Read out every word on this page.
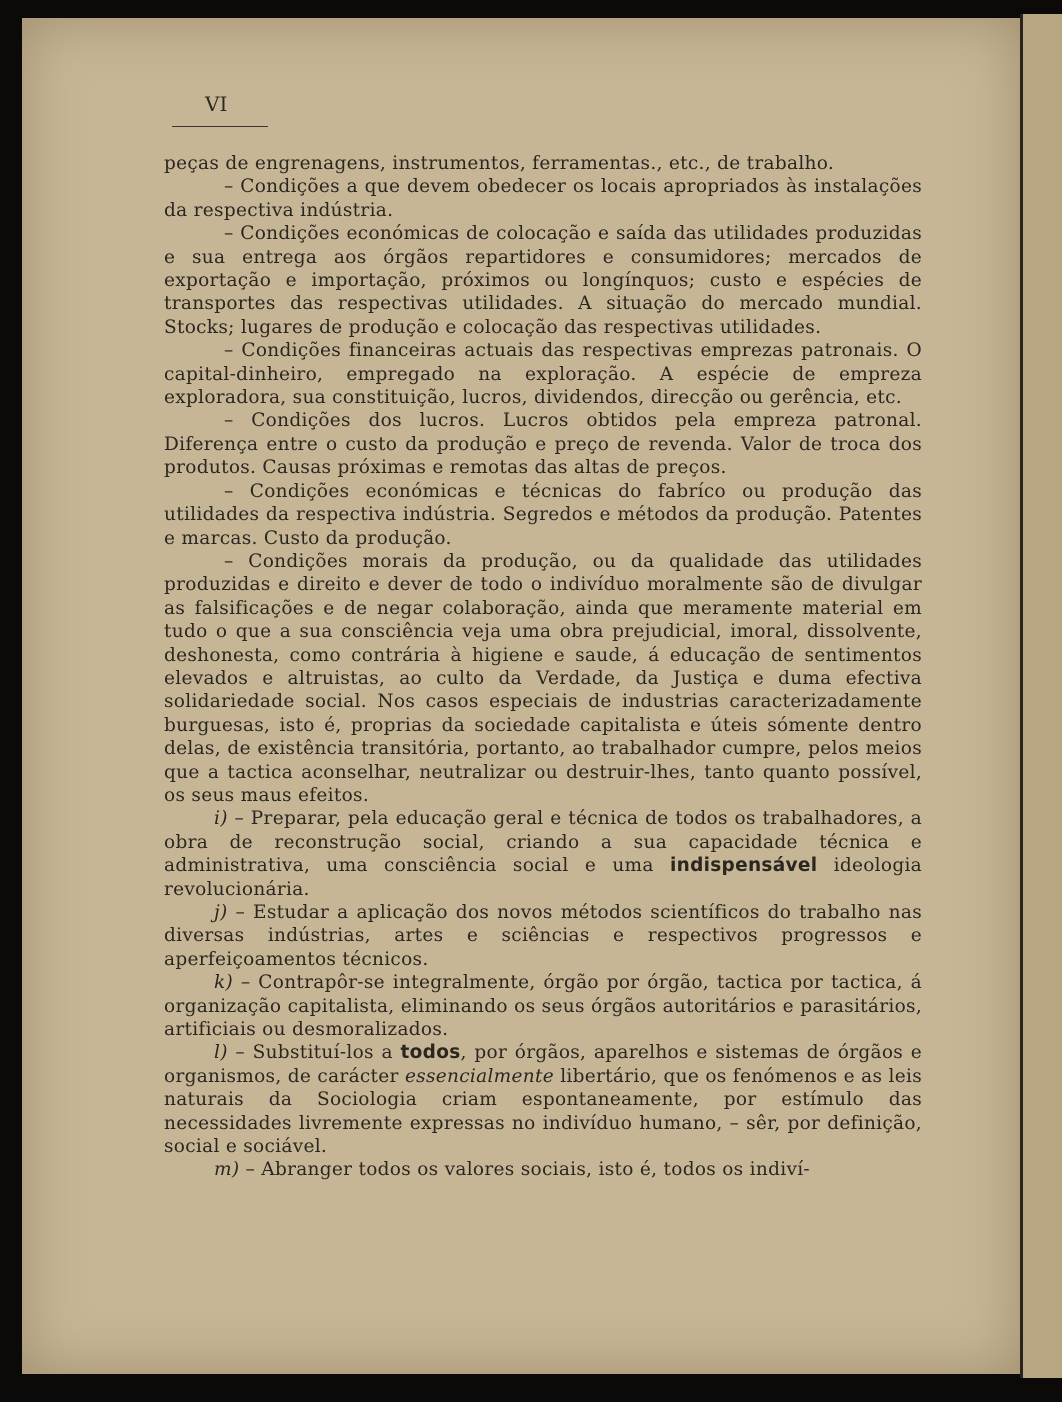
VI

peças de engrenagens, instrumentos, ferramentas., etc., de trabalho.

– Condições a que devem obedecer os locais apropriados às instalações da respectiva indústria.

– Condições económicas de colocação e saída das utilidades produzidas e sua entrega aos órgãos repartidores e consumidores; mercados de exportação e importação, próximos ou longínquos; custo e espécies de transportes das respectivas utilidades. A situação do mercado mundial. Stocks; lugares de produção e colocação das respectivas utilidades.

– Condições financeiras actuais das respectivas emprezas patronais. O capital-dinheiro, empregado na exploração. A espécie de empreza exploradora, sua constituição, lucros, dividendos, direcção ou gerência, etc.

– Condições dos lucros. Lucros obtidos pela empreza patronal. Diferença entre o custo da produção e preço de revenda. Valor de troca dos produtos. Causas próximas e remotas das altas de preços.

– Condições económicas e técnicas do fabríco ou produção das utilidades da respectiva indústria. Segredos e métodos da produção. Patentes e marcas. Custo da produção.

– Condições morais da produção, ou da qualidade das utilidades produzidas e direito e dever de todo o indivíduo moralmente são de divulgar as falsificações e de negar colaboração, ainda que meramente material em tudo o que a sua consciência veja uma obra prejudicial, imoral, dissolvente, deshonesta, como contrária à higiene e saude, á educação de sentimentos elevados e altruistas, ao culto da Verdade, da Justiça e duma efectiva solidariedade social. Nos casos especiais de industrias caracterizadamente burguesas, isto é, proprias da sociedade capitalista e úteis sómente dentro delas, de existência transitória, portanto, ao trabalhador cumpre, pelos meios que a tactica aconselhar, neutralizar ou destruir-lhes, tanto quanto possível, os seus maus efeitos.

i) – Preparar, pela educação geral e técnica de todos os trabalhadores, a obra de reconstrução social, criando a sua capacidade técnica e administrativa, uma consciência social e uma indispensável ideologia revolucionária.

j) – Estudar a aplicação dos novos métodos scientíficos do trabalho nas diversas indústrias, artes e sciências e respectivos progressos e aperfeiçoamentos técnicos.

k) – Contrapôr-se integralmente, órgão por órgão, tactica por tactica, á organização capitalista, eliminando os seus órgãos autoritários e parasitários, artificiais ou desmoralizados.

l) – Substituí-los a todos, por órgãos, aparelhos e sistemas de órgãos e organismos, de carácter essencialmente libertário, que os fenómenos e as leis naturais da Sociologia criam espontaneamente, por estímulo das necessidades livremente expressas no indivíduo humano, – sêr, por definição, social e sociável.

m) – Abranger todos os valores sociais, isto é, todos os indiví-
